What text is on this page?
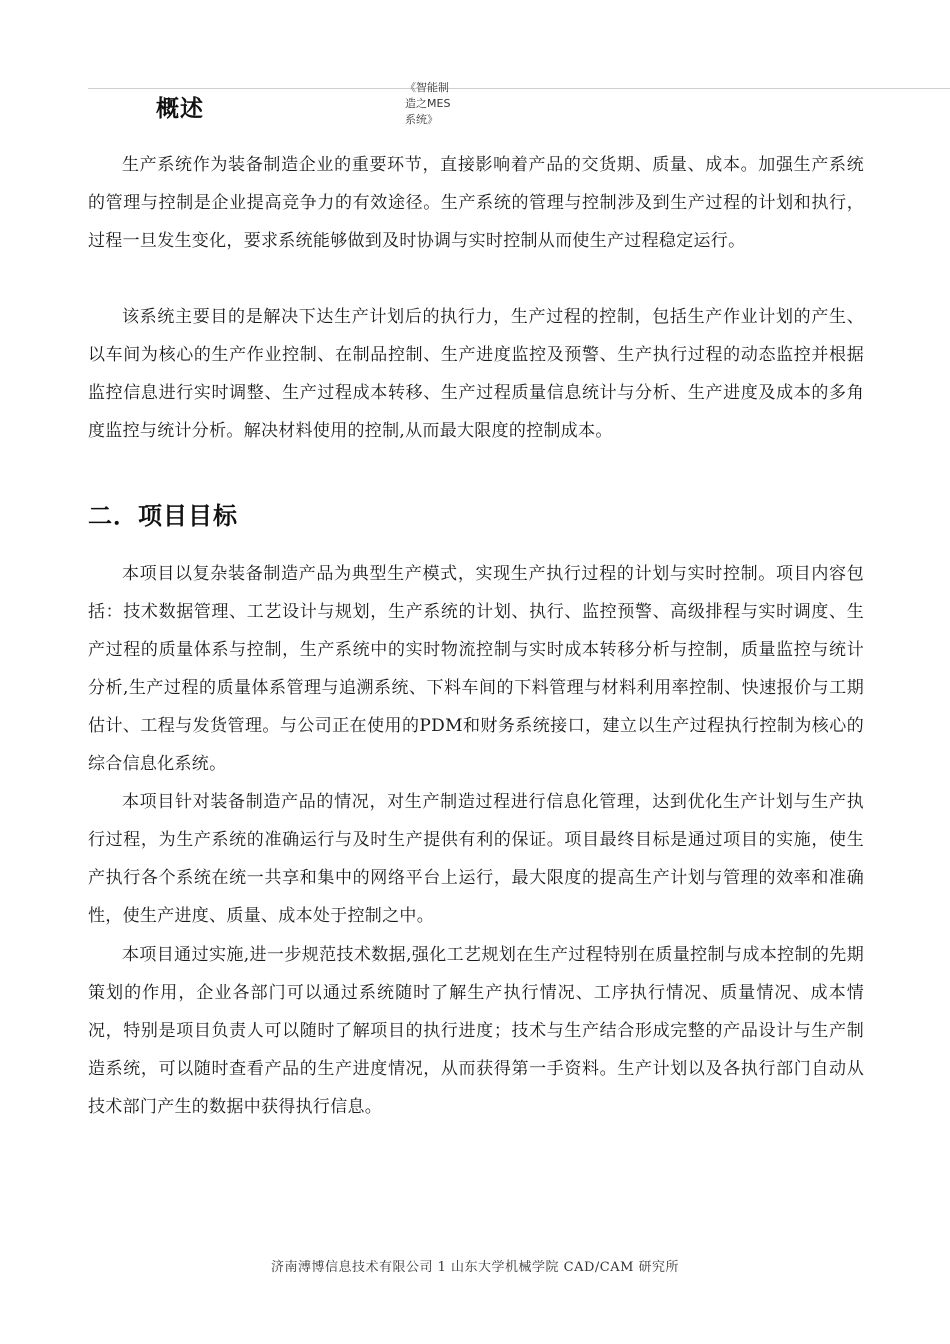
概述
《智能制造之MES系统》

生产系统作为装备制造企业的重要环节，直接影响着产品的交货期、质量、成本。加强生产系统的管理与控制是企业提高竞争力的有效途径。生产系统的管理与控制涉及到生产过程的计划和执行，过程一旦发生变化，要求系统能够做到及时协调与实时控制从而使生产过程稳定运行。

该系统主要目的是解决下达生产计划后的执行力，生产过程的控制，包括生产作业计划的产生、以车间为核心的生产作业控制、在制品控制、生产进度监控及预警、生产执行过程的动态监控并根据监控信息进行实时调整、生产过程成本转移、生产过程质量信息统计与分析、生产进度及成本的多角度监控与统计分析。解决材料使用的控制,从而最大限度的控制成本。

二．项目目标

本项目以复杂装备制造产品为典型生产模式，实现生产执行过程的计划与实时控制。项目内容包括：技术数据管理、工艺设计与规划，生产系统的计划、执行、监控预警、高级排程与实时调度、生产过程的质量体系与控制，生产系统中的实时物流控制与实时成本转移分析与控制，质量监控与统计分析,生产过程的质量体系管理与追溯系统、下料车间的下料管理与材料利用率控制、快速报价与工期估计、工程与发货管理。与公司正在使用的PDM和财务系统接口，建立以生产过程执行控制为核心的综合信息化系统。

本项目针对装备制造产品的情况，对生产制造过程进行信息化管理，达到优化生产计划与生产执行过程，为生产系统的准确运行与及时生产提供有利的保证。项目最终目标是通过项目的实施，使生产执行各个系统在统一共享和集中的网络平台上运行，最大限度的提高生产计划与管理的效率和准确性，使生产进度、质量、成本处于控制之中。

本项目通过实施,进一步规范技术数据,强化工艺规划在生产过程特别在质量控制与成本控制的先期策划的作用，企业各部门可以通过系统随时了解生产执行情况、工序执行情况、质量情况、成本情况，特别是项目负责人可以随时了解项目的执行进度；技术与生产结合形成完整的产品设计与生产制造系统，可以随时查看产品的生产进度情况，从而获得第一手资料。生产计划以及各执行部门自动从技术部门产生的数据中获得执行信息。

济南溥博信息技术有限公司 1 山东大学机械学院 CAD/CAM 研究所
